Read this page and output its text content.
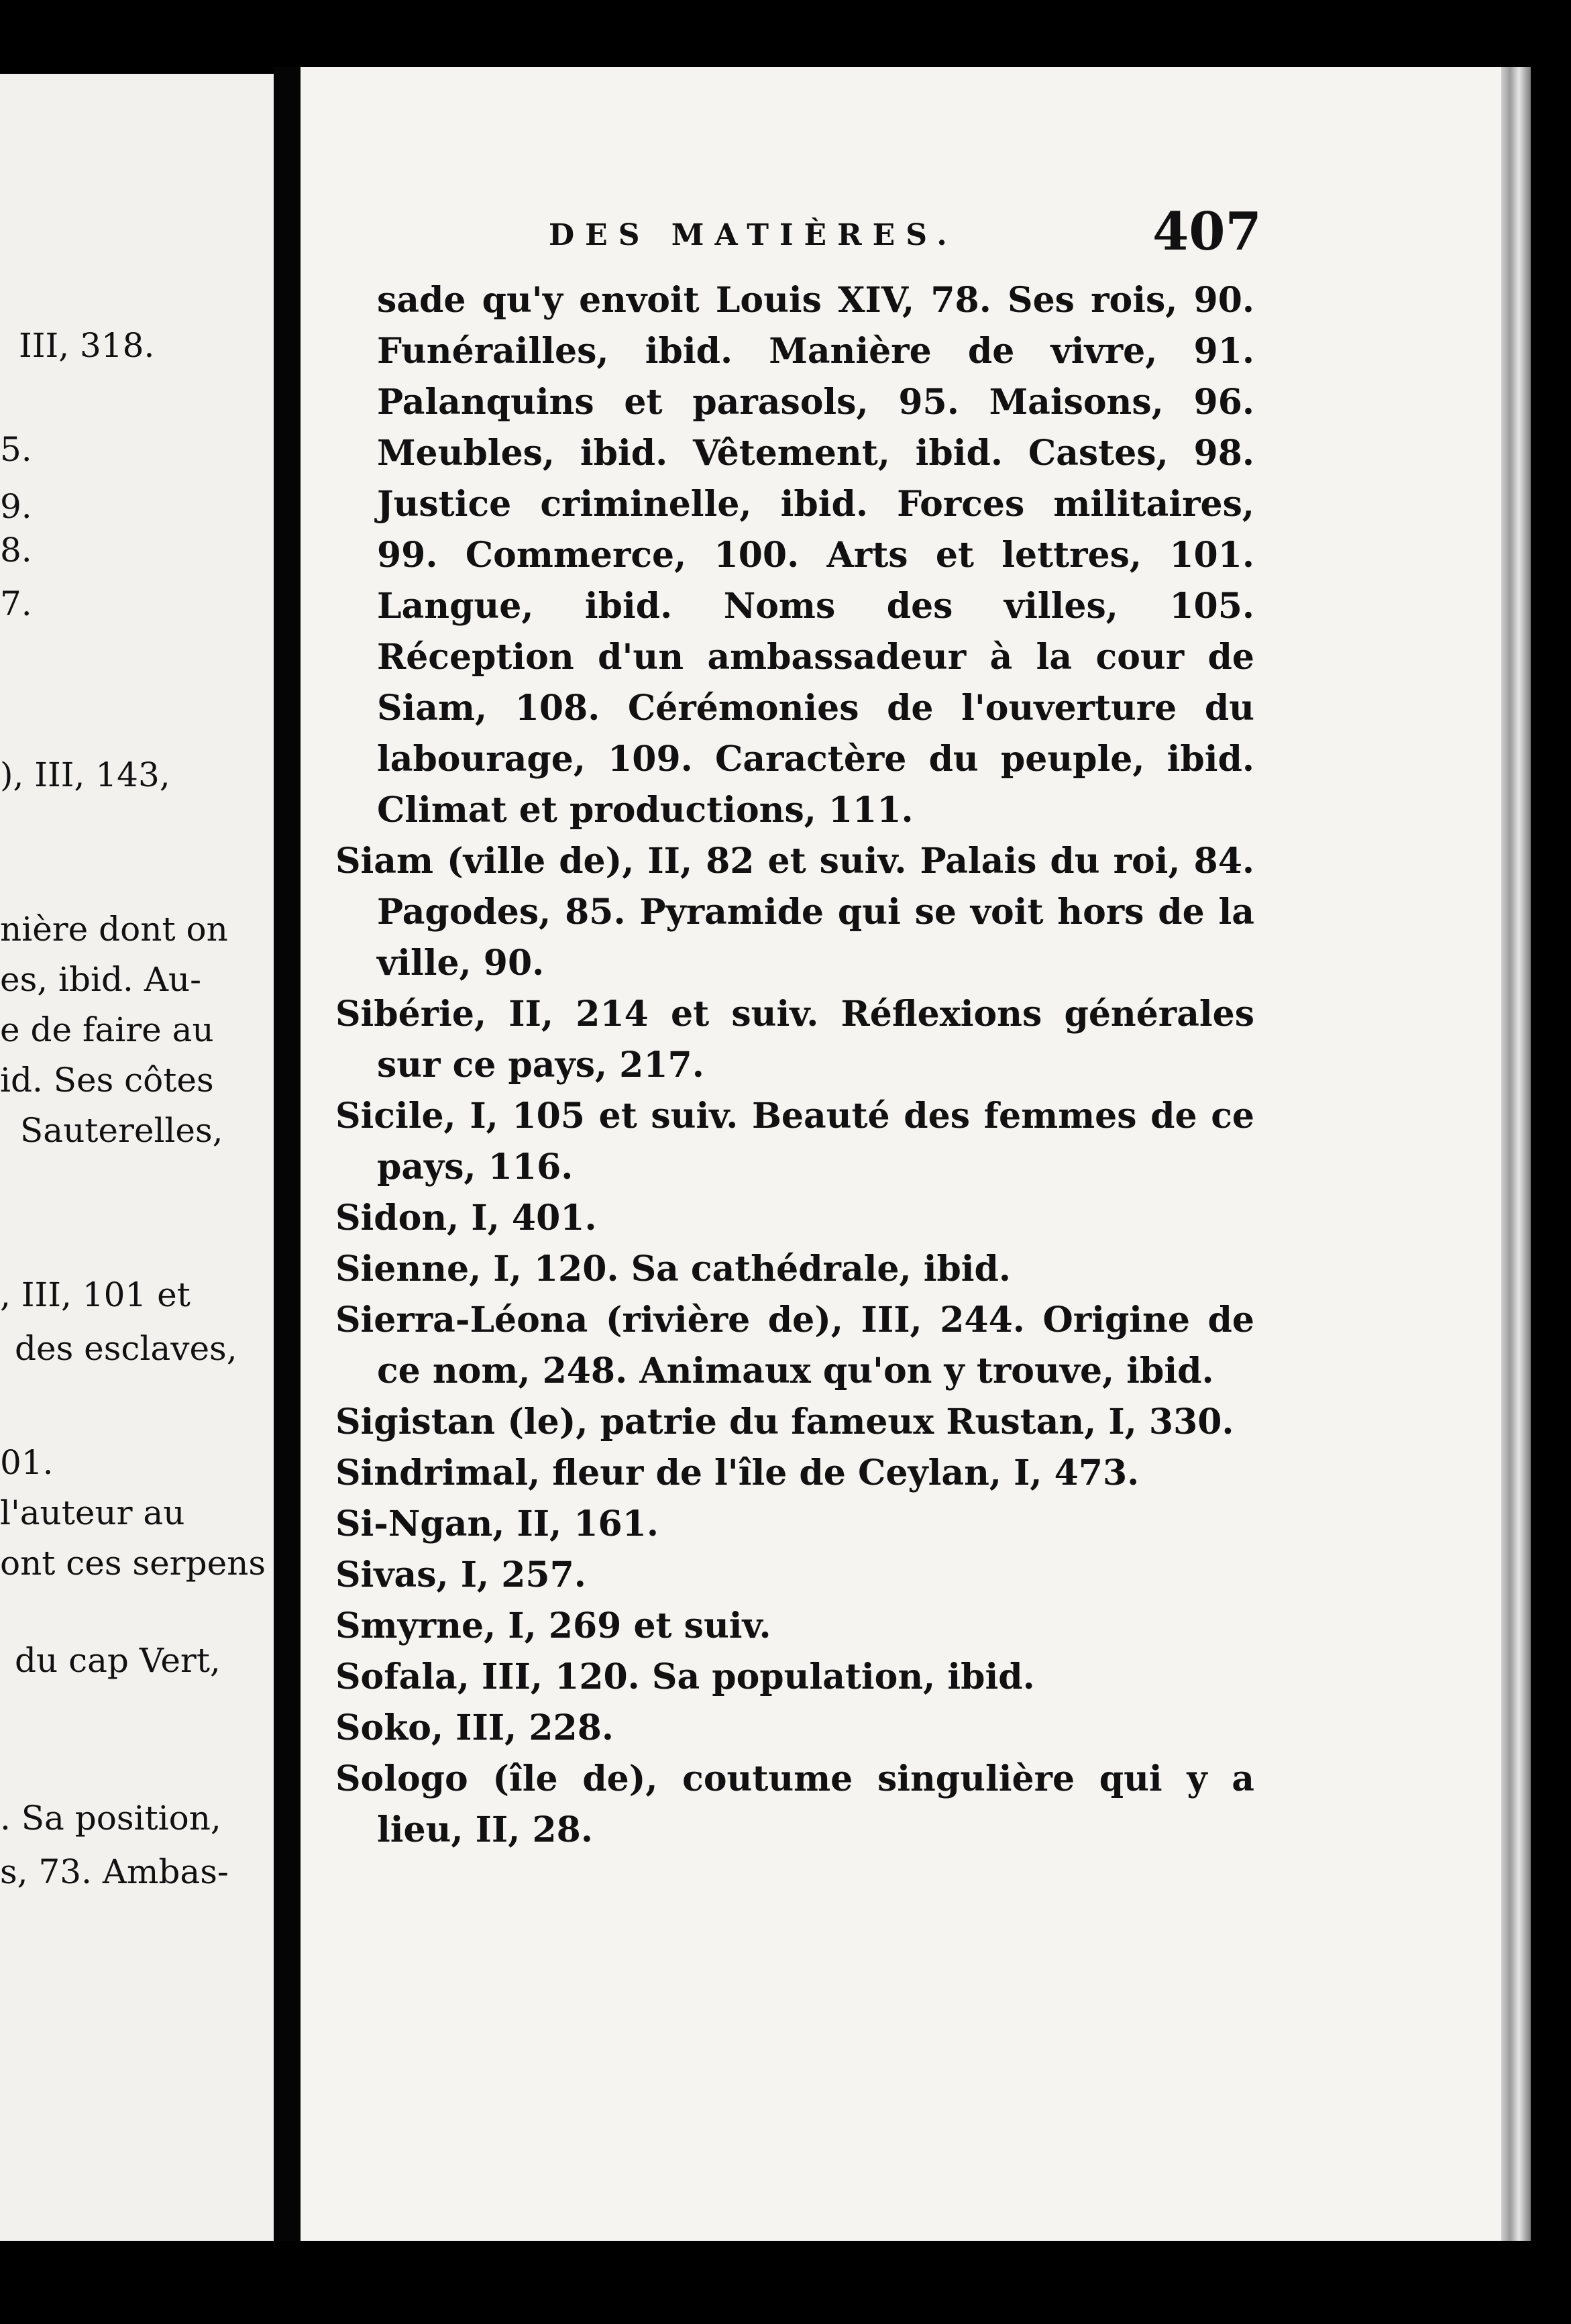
III, 318.
5.
9.
8.
7.
), III, 143,
nière dont on
es, ibid. Au-
e de faire au
id. Ses côtes
Sauterelles,
, III, 101 et
des esclaves,
01.
l'auteur au
ont ces serpens
du cap Vert,
. Sa position,
s, 73. Ambas-
DES MATIÈRES.	407

sade qu'y envoit Louis XIV, 78. Ses rois, 90. Funérailles, ibid. Manière de vivre, 91. Palanquins et parasols, 95. Maisons, 96. Meubles, ibid. Vêtement, ibid. Castes, 98. Justice criminelle, ibid. Forces militaires, 99. Commerce, 100. Arts et lettres, 101. Langue, ibid. Noms des villes, 105. Réception d'un ambassadeur à la cour de Siam, 108. Cérémonies de l'ouverture du labourage, 109. Caractère du peuple, ibid. Climat et productions, 111.

Siam (ville de), II, 82 et suiv. Palais du roi, 84. Pagodes, 85. Pyramide qui se voit hors de la ville, 90.

Sibérie, II, 214 et suiv. Réflexions générales sur ce pays, 217.

Sicile, I, 105 et suiv. Beauté des femmes de ce pays, 116.

Sidon, I, 401.

Sienne, I, 120. Sa cathédrale, ibid.

Sierra-Léona (rivière de), III, 244. Origine de ce nom, 248. Animaux qu'on y trouve, ibid.

Sigistan (le), patrie du fameux Rustan, I, 330.

Sindrimal, fleur de l'île de Ceylan, I, 473.

Si-Ngan, II, 161.

Sivas, I, 257.

Smyrne, I, 269 et suiv.

Sofala, III, 120. Sa population, ibid.

Soko, III, 228.

Sologo (île de), coutume singulière qui y a lieu, II, 28.
